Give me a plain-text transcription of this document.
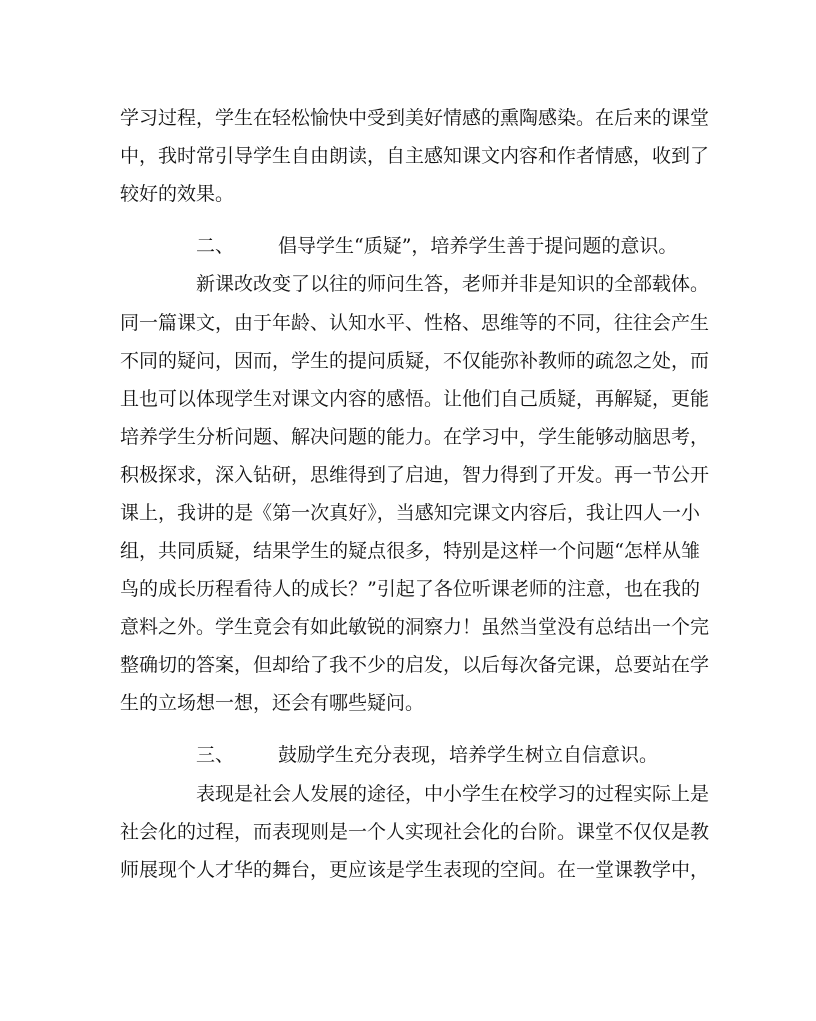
学习过程，学生在轻松愉快中受到美好情感的熏陶感染。在后来的课堂
中，我时常引导学生自由朗读，自主感知课文内容和作者情感，收到了
较好的效果。
二、 倡导学生“质疑”，培养学生善于提问题的意识。
新课改改变了以往的师问生答，老师并非是知识的全部载体。
同一篇课文，由于年龄、认知水平、性格、思维等的不同，往往会产生
不同的疑问，因而，学生的提问质疑，不仅能弥补教师的疏忽之处，而
且也可以体现学生对课文内容的感悟。让他们自己质疑，再解疑，更能
培养学生分析问题、解决问题的能力。在学习中，学生能够动脑思考，
积极探求，深入钻研，思维得到了启迪，智力得到了开发。再一节公开
课上，我讲的是《第一次真好》，当感知完课文内容后，我让四人一小
组，共同质疑，结果学生的疑点很多，特别是这样一个问题“怎样从雏
鸟的成长历程看待人的成长？”引起了各位听课老师的注意，也在我的
意料之外。学生竟会有如此敏锐的洞察力！虽然当堂没有总结出一个完
整确切的答案，但却给了我不少的启发，以后每次备完课，总要站在学
生的立场想一想，还会有哪些疑问。
三、 鼓励学生充分表现，培养学生树立自信意识。
表现是社会人发展的途径，中小学生在校学习的过程实际上是
社会化的过程，而表现则是一个人实现社会化的台阶。课堂不仅仅是教
师展现个人才华的舞台，更应该是学生表现的空间。在一堂课教学中，
